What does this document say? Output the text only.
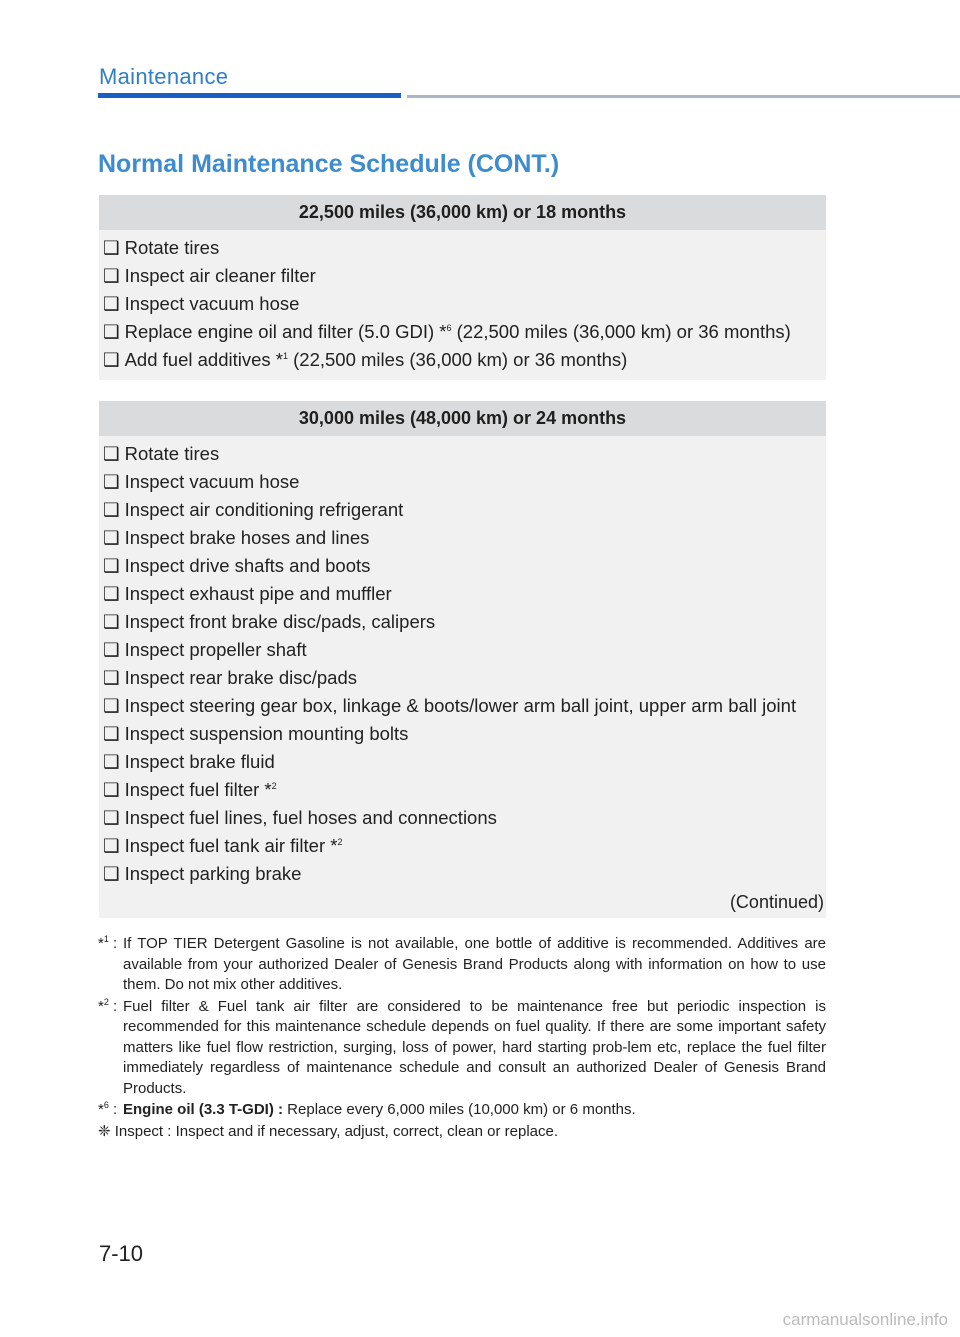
Maintenance
Normal Maintenance Schedule (CONT.)
22,500 miles (36,000 km) or 18 months
❑ Rotate tires
❑ Inspect air cleaner filter
❑ Inspect vacuum hose
❑ Replace engine oil and filter (5.0 GDI) *$^6$ (22,500 miles (36,000 km) or 36 months)
❑ Add fuel additives *$^1$ (22,500 miles (36,000 km) or 36 months)
30,000 miles (48,000 km) or 24 months
❑ Rotate tires
❑ Inspect vacuum hose
❑ Inspect air conditioning refrigerant
❑ Inspect brake hoses and lines
❑ Inspect drive shafts and boots
❑ Inspect exhaust pipe and muffler
❑ Inspect front brake disc/pads, calipers
❑ Inspect propeller shaft
❑ Inspect rear brake disc/pads
❑ Inspect steering gear box, linkage & boots/lower arm ball joint, upper arm ball joint
❑ Inspect suspension mounting bolts
❑ Inspect brake fluid
❑ Inspect fuel filter *$^2$
❑ Inspect fuel lines, fuel hoses and connections
❑ Inspect fuel tank air filter *$^2$
❑ Inspect parking brake
(Continued)
*$^1$ : If TOP TIER Detergent Gasoline is not available, one bottle of additive is recommended. Additives are available from your authorized Dealer of Genesis Brand Products along with information on how to use them. Do not mix other additives.
*$^2$ : Fuel filter & Fuel tank air filter are considered to be maintenance free but periodic inspection is recommended for this maintenance schedule depends on fuel quality. If there are some important safety matters like fuel flow restriction, surging, loss of power, hard starting prob-lem etc, replace the fuel filter immediately regardless of maintenance schedule and consult an authorized Dealer of Genesis Brand Products.
*$^6$ : Engine oil (3.3 T-GDI) : Replace every 6,000 miles (10,000 km) or 6 months.
❈ Inspect : Inspect and if necessary, adjust, correct, clean or replace.
7-10
carmanualsonline.info
